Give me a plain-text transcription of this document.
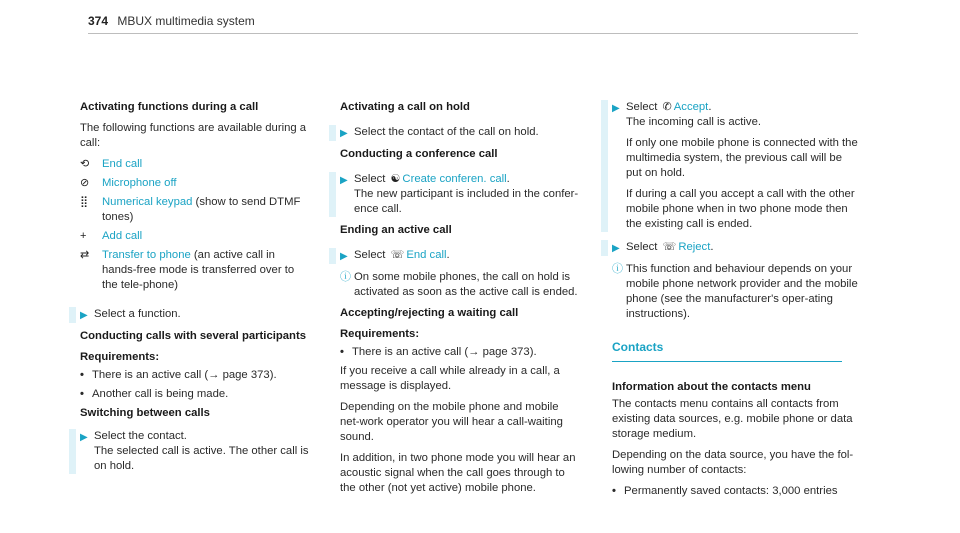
374 MBUX multimedia system
Activating functions during a call

The following functions are available during a call:

⟲	End call
⊘	Microphone off
⣿	Numerical keypad (show to send DTMF tones)
+	Add call
⇄	Transfer to phone (an active call in hands-free mode is transferred over to the tele-phone)
▶ Select a function.
Conducting calls with several participants
Requirements:
• There is an active call (→ page 373).
• Another call is being made.
Switching between calls
▶ Select the contact.
The selected call is active. The other call is on hold.
Activating a call on hold
▶ Select the contact of the call on hold.
Conducting a conference call
▶ Select ☯ Create conferen. call.
The new participant is included in the confer-ence call.
Ending an active call
▶ Select ☏ End call.
ⓘ On some mobile phones, the call on hold is activated as soon as the active call is ended.
Accepting/rejecting a waiting call
Requirements:
• There is an active call (→ page 373).

If you receive a call while already in a call, a message is displayed.

Depending on the mobile phone and mobile net-work operator you will hear a call-waiting sound.

In addition, in two phone mode you will hear an acoustic signal when the call goes through to the other (not yet active) mobile phone.

▶ Select ✆ Accept.
The incoming call is active.

If only one mobile phone is connected with the multimedia system, the previous call will be put on hold.
If during a call you accept a call with the other mobile phone when in two phone mode then the existing call is ended.
▶ Select ☏ Reject.
ⓘ This function and behaviour depends on your mobile phone network provider and the mobile phone (see the manufacturer's oper-ating instructions).
Contacts
Information about the contacts menu

The contacts menu contains all contacts from existing data sources, e.g. mobile phone or data storage medium.

Depending on the data source, you have the fol-lowing number of contacts:

• Permanently saved contacts: 3,000 entries
